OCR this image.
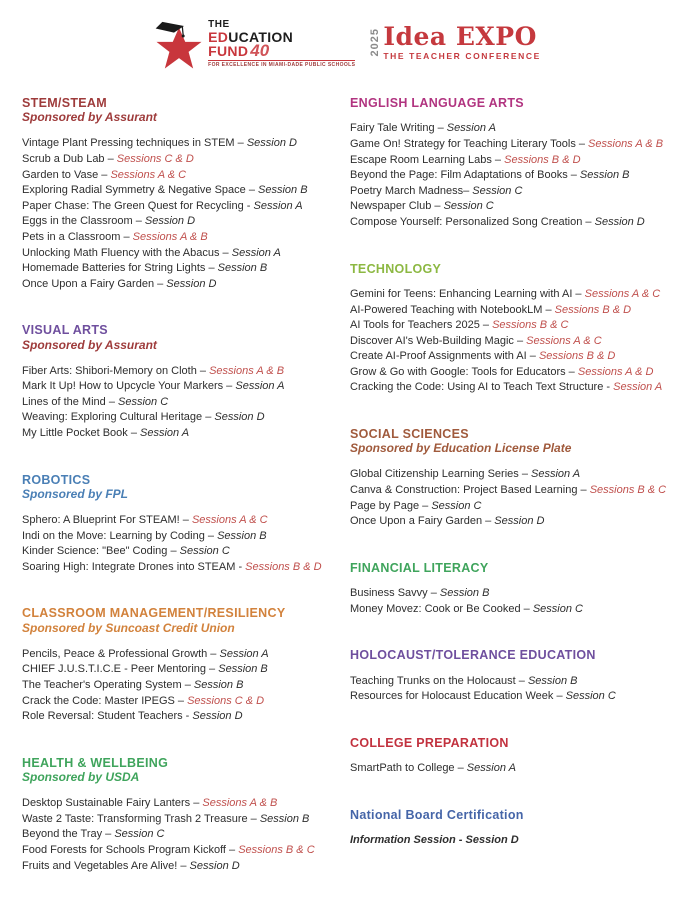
THE
EDUCATION
FUND 40
FOR EXCELLENCE IN MIAMI-DADE PUBLIC SCHOOLS
2025 Idea EXPO
THE TEACHER CONFERENCE
STEM/STEAM
Sponsored by Assurant
Vintage Plant Pressing techniques in STEM – Session D
Scrub a Dub Lab – Sessions C & D
Garden to Vase – Sessions A & C
Exploring Radial Symmetry & Negative Space – Session B
Paper Chase: The Green Quest for Recycling - Session A
Eggs in the Classroom – Session D
Pets in a Classroom – Sessions A & B
Unlocking Math Fluency with the Abacus – Session A
Homemade Batteries for String Lights – Session B
Once Upon a Fairy Garden – Session D
VISUAL ARTS
Sponsored by Assurant
Fiber Arts: Shibori-Memory on Cloth – Sessions A & B
Mark It Up! How to Upcycle Your Markers – Session A
Lines of the Mind – Session C
Weaving: Exploring Cultural Heritage – Session D
My Little Pocket Book – Session A
ROBOTICS
Sponsored by FPL
Sphero: A Blueprint For STEAM! – Sessions A & C
Indi on the Move: Learning by Coding – Session B
Kinder Science: "Bee" Coding – Session C
Soaring High: Integrate Drones into STEAM - Sessions B & D
CLASSROOM MANAGEMENT/RESILIENCY
Sponsored by Suncoast Credit Union
Pencils, Peace & Professional Growth – Session A
CHIEF J.U.S.T.I.C.E - Peer Mentoring – Session B
The Teacher's Operating System – Session B
Crack the Code: Master IPEGS – Sessions C & D
Role Reversal: Student Teachers - Session D
HEALTH & WELLBEING
Sponsored by USDA
Desktop Sustainable Fairy Lanters – Sessions A & B
Waste 2 Taste: Transforming Trash 2 Treasure – Session B
Beyond the Tray – Session C
Food Forests for Schools Program Kickoff – Sessions B & C
Fruits and Vegetables Are Alive! – Session D
ENGLISH LANGUAGE ARTS
Fairy Tale Writing – Session A
Game On! Strategy for Teaching Literary Tools – Sessions A & B
Escape Room Learning Labs – Sessions B & D
Beyond the Page: Film Adaptations of Books – Session B
Poetry March Madness– Session C
Newspaper Club – Session C
Compose Yourself: Personalized Song Creation – Session D
TECHNOLOGY
Gemini for Teens: Enhancing Learning with AI – Sessions A & C
AI-Powered Teaching with NotebookLM – Sessions B & D
AI Tools for Teachers 2025 – Sessions B & C
Discover AI's Web-Building Magic – Sessions A & C
Create AI-Proof Assignments with AI – Sessions B & D
Grow & Go with Google: Tools for Educators – Sessions A & D
Cracking the Code: Using AI to Teach Text Structure - Session A
SOCIAL SCIENCES
Sponsored by Education License Plate
Global Citizenship Learning Series – Session A
Canva & Construction: Project Based Learning – Sessions B & C
Page by Page – Session C
Once Upon a Fairy Garden – Session D
FINANCIAL LITERACY
Business Savvy – Session B
Money Movez: Cook or Be Cooked – Session C
HOLOCAUST/TOLERANCE EDUCATION
Teaching Trunks on the Holocaust – Session B
Resources for Holocaust Education Week – Session C
COLLEGE PREPARATION
SmartPath to College – Session A
National Board Certification
Information Session - Session D
